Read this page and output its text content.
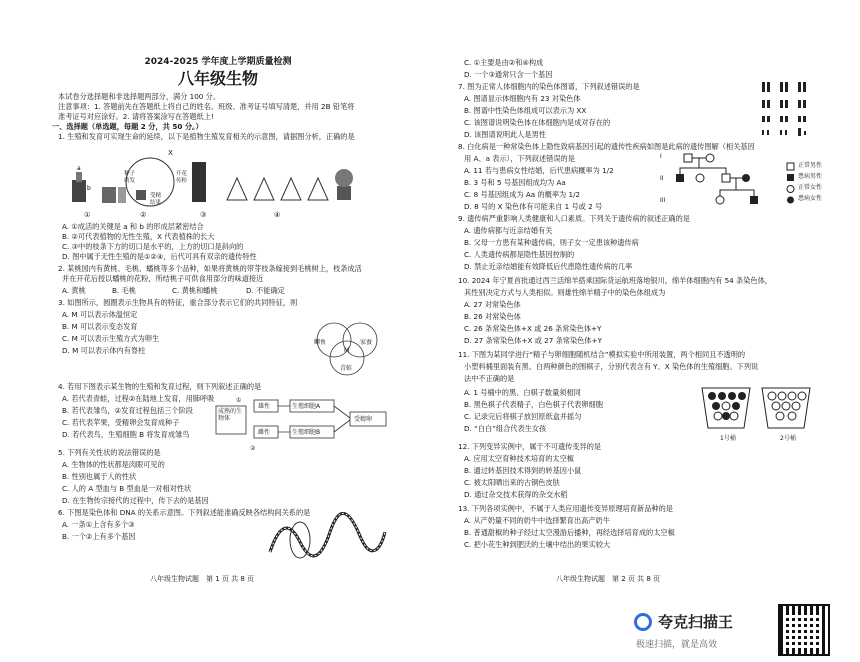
2024-2025 学年度上学期质量检测
八年级生物
本试卷分选择题和非选择题两部分，满分 100 分。
注意事项：1. 答题前先在答题纸上将自己的姓名、班级、准考证号填写清楚，并用 2B 铅笔将
准考证号对应涂好。2. 请将答案涂写在答题纸上!
一、选择题（单选题，每题 2 分，共 50 分。）
1. 生殖和发育可实现生命的延续，以下是植物生殖发育相关的示意图，请据图分析，正确的是
a
b
①	②	③	④
X
种子
萌发
开花
传粉
受精
结果
A. ①成活的关键是 a 和 b 的形成层紧密结合
B. ②可代表植物的无性生殖，X 代表植株的长大
C. ③中的枝条下方的切口是水平的，上方的切口是斜向的
D. 图中属于无性生殖的是①②④，后代可具有双亲的遗传特性
2. 某桃园内有黄桃、毛桃、蟠桃等多个品种，如果将黄桃的带芽枝条嫁接到毛桃树上，枝条成活
并在开花后授以蟠桃的花粉，所结桃子可供食用部分的味道接近
A. 黄桃	B. 毛桃	C. 黄桃和蟠桃	D. 不能确定
3. 如图所示，圆圈表示生物具有的特征，重合部分表示它们的共同特征，则
A. M 可以表示体温恒定
B. M 可以表示变态发育
C. M 可以表示生殖方式为卵生
D. M 可以表示体内有脊柱
鲫鱼	家蚕
青蛙
M
4. 若用下图表示某生物的生殖和发育过程，则下列叙述正确的是
A. 若代表青蛙，过程②在陆地上发育，用肺呼吸
B. 若代表雏鸟，②发育过程包括三个阶段
C. 若代表苹果，受精卵会发育成种子
D. 若代表鸟，生殖细胞 B 将发育成雏鸟
成熟的生物体
雄性
雌性
生殖细胞A
生殖细胞B
受精卵
①
②
5. 下列有关性状的说法错误的是
A. 生物体的性状都是肉眼可见的
B. 性别也属于人的性状
C. 人的 A 型血与 B 型血是一对相对性状
D. 在生物传宗接代的过程中，传下去的是基因
6. 下图是染色体和 DNA 的关系示意图。下列叙述能准确反映各结构间关系的是
A. 一条①上含有多个③
B. 一个②上有多个基因
八年级生物试题　第 1 页 共 8 页
C. ①主要是由②和④构成
D. 一个③通常只含一个基因
7. 图为正常人体细胞内的染色体图谱，下列叙述错误的是
A. 图谱显示体细胞内有 23 对染色体
B. 图谱中性染色体组成可以表示为 XX
C. 该图谱说明染色体在体细胞内是成对存在的
D. 该图谱说明此人是男性
8. 白化病是一种常染色体上隐性致病基因引起的遗传性疾病如图是此病的遗传图解（相关基因
用 A、a 表示），下列叙述错误的是
A. 11 若与患病女性结婚，后代患病概率为 1/2
B. 3 号和 5 号基因组成均为 Aa
C. 8 号基因组成为 Aa 的概率为 1/2
D. 8 号的 X 染色体有可能来自 1 号或 2 号
I
II
III
正常男性
患病男性
正常女性
患病女性
9. 遗传病严重影响人类健康和人口素质。下列关于遗传病的叙述正确的是
A. 遗传病都与近亲结婚有关
B. 父母一方患有某种遗传病，则子女一定患该种遗传病
C. 人类遗传病都是隐性基因控制的
D. 禁止近亲结婚能有效降低后代患隐性遗传病的几率
10. 2024 年宁夏首批通过西兰活绵羊搭乘国际货运航班落地银川，绵羊体细胞内有 54 条染色体，
其性别决定方式与人类相似。则雄性绵羊精子中的染色体组成为
A. 27 对常染色体
B. 26 对常染色体
C. 26 条常染色体+X 或 26 条常染色体+Y
D. 27 条常染色体+X 或 27 条常染色体+Y
11. 下图为某同学进行“精子与卵细胞随机结合”模拟实验中所用装置，两个相同且不透明的
小塑料桶里面装有黑、白两种颜色的围棋子，分别代表含有 Y、X 染色体的生殖细胞。下列说
法中不正确的是
A. 1 号桶中的黑、白棋子数量须相同
B. 黑色棋子代表精子，白色棋子代表卵细胞
C. 记录完后将棋子放回原纸盒并摇匀
D. “白白”组合代表生女孩
1号桶	2号桶
12. 下列变异实例中，属于不可遗传变异的是
A. 应用太空育种技术培育的太空椒
B. 通过转基因技术得到的转基因小鼠
C. 被太阳晒出来的古铜色皮肤
D. 通过杂交技术获得的杂交水稻
13. 下列各项实例中，不属于人类应用遗传变异原理培育新品种的是
A. 从产奶量不同的奶牛中选择繁育出高产奶牛
B. 普通甜椒的种子经过太空漫游后播种，再经选择培育成的太空椒
C. 把小花生种到肥沃的土壤中结出的果实较大
八年级生物试题　第 2 页 共 8 页
夸克扫描王
极速扫描，就是高效
